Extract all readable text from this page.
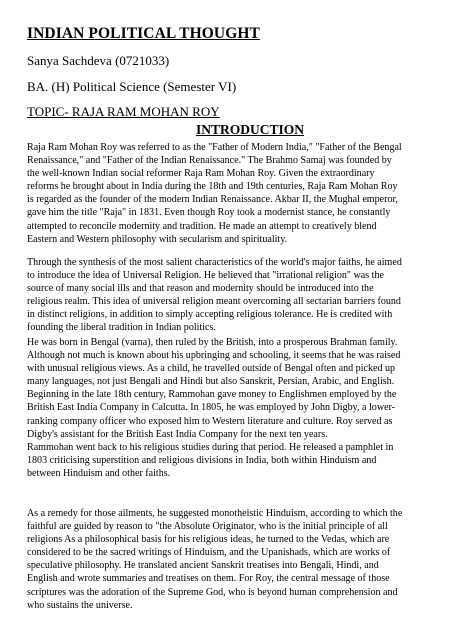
INDIAN POLITICAL THOUGHT
Sanya Sachdeva (0721033)
BA. (H) Political Science (Semester VI)
TOPIC- RAJA RAM MOHAN ROY
INTRODUCTION
Raja Ram Mohan Roy was referred to as the "Father of Modern India," "Father of the Bengal
Renaissance," and "Father of the Indian Renaissance." The Brahmo Samaj was founded by
the well-known Indian social reformer Raja Ram Mohan Roy. Given the extraordinary
reforms he brought about in India during the 18th and 19th centuries, Raja Ram Mohan Roy
is regarded as the founder of the modern Indian Renaissance. Akbar II, the Mughal emperor,
gave him the title "Raja" in 1831. Even though Roy took a modernist stance, he constantly
attempted to reconcile modernity and tradition. He made an attempt to creatively blend
Eastern and Western philosophy with secularism and spirituality.
Through the synthesis of the most salient characteristics of the world's major faiths, he aimed
to introduce the idea of Universal Religion. He believed that "irrational religion" was the
source of many social ills and that reason and modernity should be introduced into the
religious realm. This idea of universal religion meant overcoming all sectarian barriers found
in distinct religions, in addition to simply accepting religious tolerance. He is credited with
founding the liberal tradition in Indian politics.
He was born in Bengal (varna), then ruled by the British, into a prosperous Brahman family.
Although not much is known about his upbringing and schooling, it seems that he was raised
with unusual religious views. As a child, he travelled outside of Bengal often and picked up
many languages, not just Bengali and Hindi but also Sanskrit, Persian, Arabic, and English.
Beginning in the late 18th century, Rammohan gave money to Englishmen employed by the
British East India Company in Calcutta. In 1805, he was employed by John Digby, a lower-
ranking company officer who exposed him to Western literature and culture. Roy served as
Digby's assistant for the British East India Company for the next ten years.
Rammohan went back to his religious studies during that period. He released a pamphlet in
1803 criticising superstition and religious divisions in India, both within Hinduism and
between Hinduism and other faiths.
As a remedy for those ailments, he suggested monotheistic Hinduism, according to which the
faithful are guided by reason to "the Absolute Originator, who is the initial principle of all
religions As a philosophical basis for his religious ideas, he turned to the Vedas, which are
considered to be the sacred writings of Hinduism, and the Upanishads, which are works of
speculative philosophy. He translated ancient Sanskrit treatises into Bengali, Hindi, and
English and wrote summaries and treatises on them. For Roy, the central message of those
scriptures was the adoration of the Supreme God, who is beyond human comprehension and
who sustains the universe.
